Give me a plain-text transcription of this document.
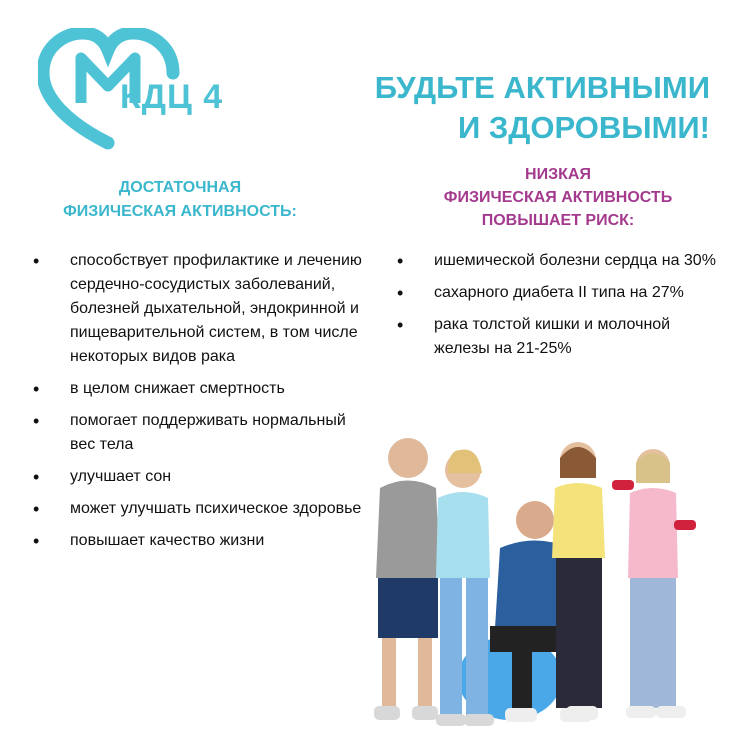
КДЦ 4	БУДЬТЕ АКТИВНЫМИ
И ЗДОРОВЫМИ!
ДОСТАТОЧНАЯ
ФИЗИЧЕСКАЯ АКТИВНОСТЬ:
НИЗКАЯ
ФИЗИЧЕСКАЯ АКТИВНОСТЬ
ПОВЫШАЕТ РИСК:
• способствует профилактике и лечению сердечно-сосудистых заболеваний, болезней дыхательной, эндокринной и пищеварительной систем, в том числе некоторых видов рака
• в целом снижает смертность
• помогает поддерживать нормальный вес тела
• улучшает сон
• может улучшать психическое здоровье
• повышает качество жизни
• ишемической болезни сердца на 30%
• сахарного диабета II типа на 27%
• рака толстой кишки и молочной железы на 21-25%
